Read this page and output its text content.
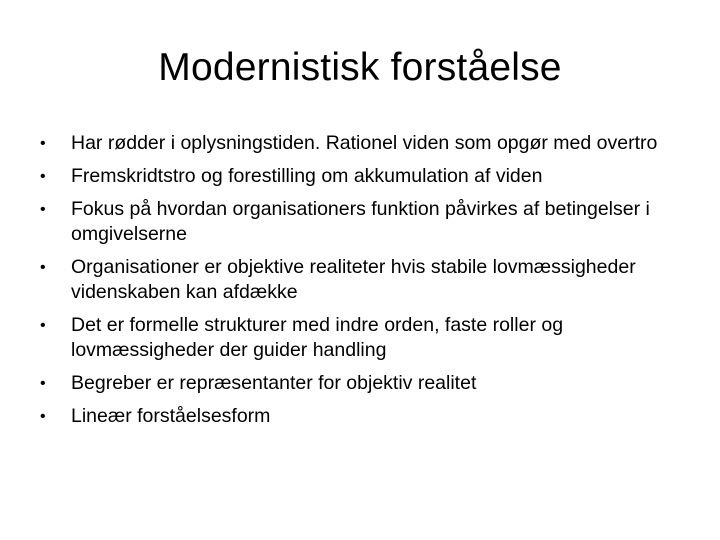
Modernistisk forståelse
•	Har rødder i oplysningstiden. Rationel viden som opgør med overtro
•	Fremskridtstro og forestilling om akkumulation af viden
•	Fokus på hvordan organisationers funktion påvirkes af betingelser i omgivelserne
•	Organisationer er objektive realiteter hvis stabile lovmæssigheder videnskaben kan afdække
•	Det er formelle strukturer med indre orden, faste roller og lovmæssigheder der guider handling
•	Begreber er repræsentanter for objektiv realitet
•	Lineær forståelsesform
